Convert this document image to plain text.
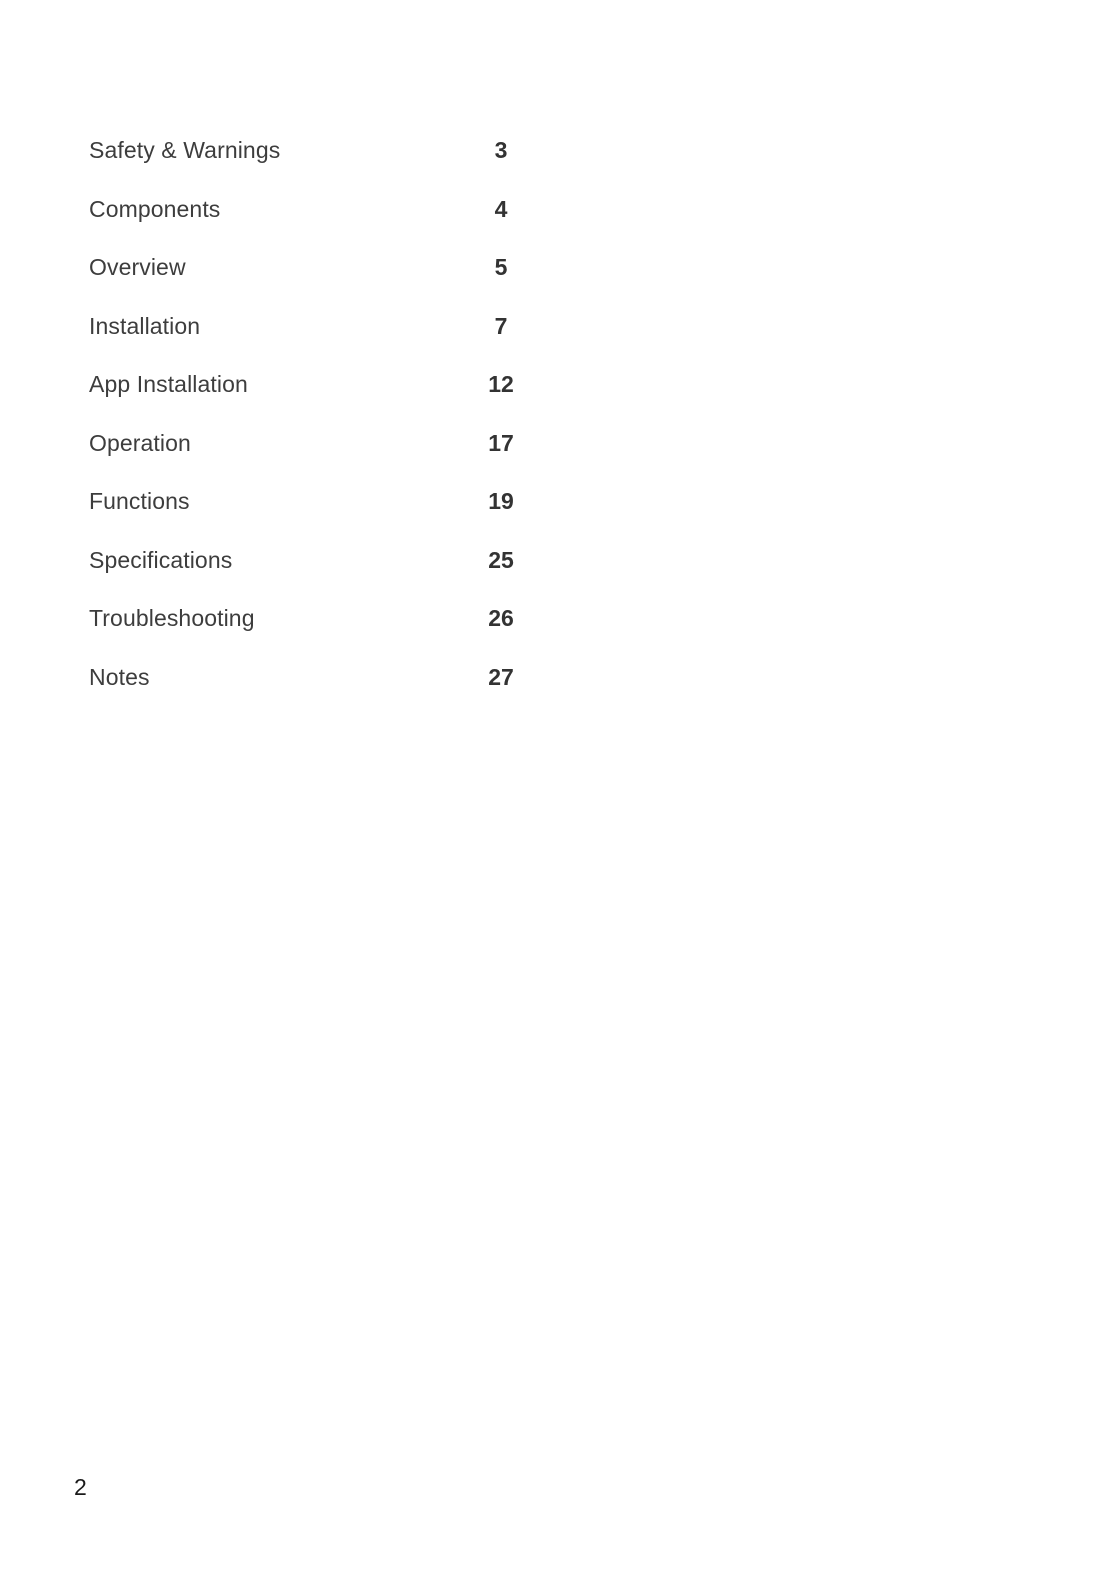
Safety & Warnings	3
Components	4
Overview	5
Installation	7
App Installation	12
Operation	17
Functions	19
Specifications	25
Troubleshooting	26
Notes	27
2
